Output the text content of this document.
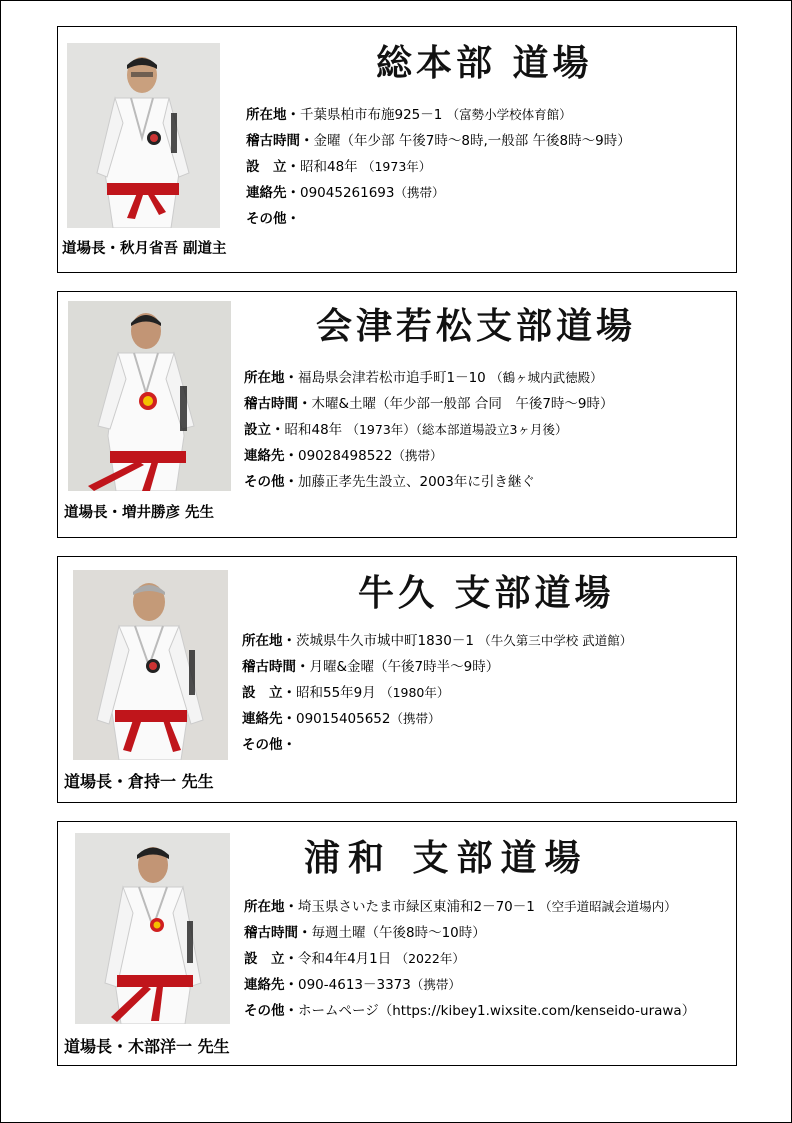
総本部 道場
所在地・千葉県柏市布施925－1 （富勢小学校体育館）
稽古時間・金曜（年少部 午後7時～8時,一般部 午後8時～9時）
設　立・昭和48年 （1973年）
連絡先・09045261693（携帯）
その他・
道場長・秋月省吾 副道主
会津若松支部道場
所在地・福島県会津若松市追手町1－10 （鶴ヶ城内武徳殿）
稽古時間・木曜&土曜（年少部一般部 合同　午後7時～9時）
設立・昭和48年 （1973年）（総本部道場設立3ヶ月後）
連絡先・09028498522（携帯）
その他・加藤正孝先生設立、2003年に引き継ぐ
道場長・増井勝彦 先生
牛久 支部道場
所在地・茨城県牛久市城中町1830－1 （牛久第三中学校 武道館）
稽古時間・月曜&金曜（午後7時半～9時）
設　立・昭和55年9月 （1980年）
連絡先・09015405652（携帯）
その他・
道場長・倉持一 先生
浦和 支部道場
所在地・埼玉県さいたま市緑区東浦和2－70－1 （空手道昭誠会道場内）
稽古時間・毎週土曜（午後8時～10時）
設　立・令和4年4月1日 （2022年）
連絡先・090-4613－3373（携帯）
その他・ホームページ（https://kibey1.wixsite.com/kenseido-urawa）
道場長・木部洋一 先生
